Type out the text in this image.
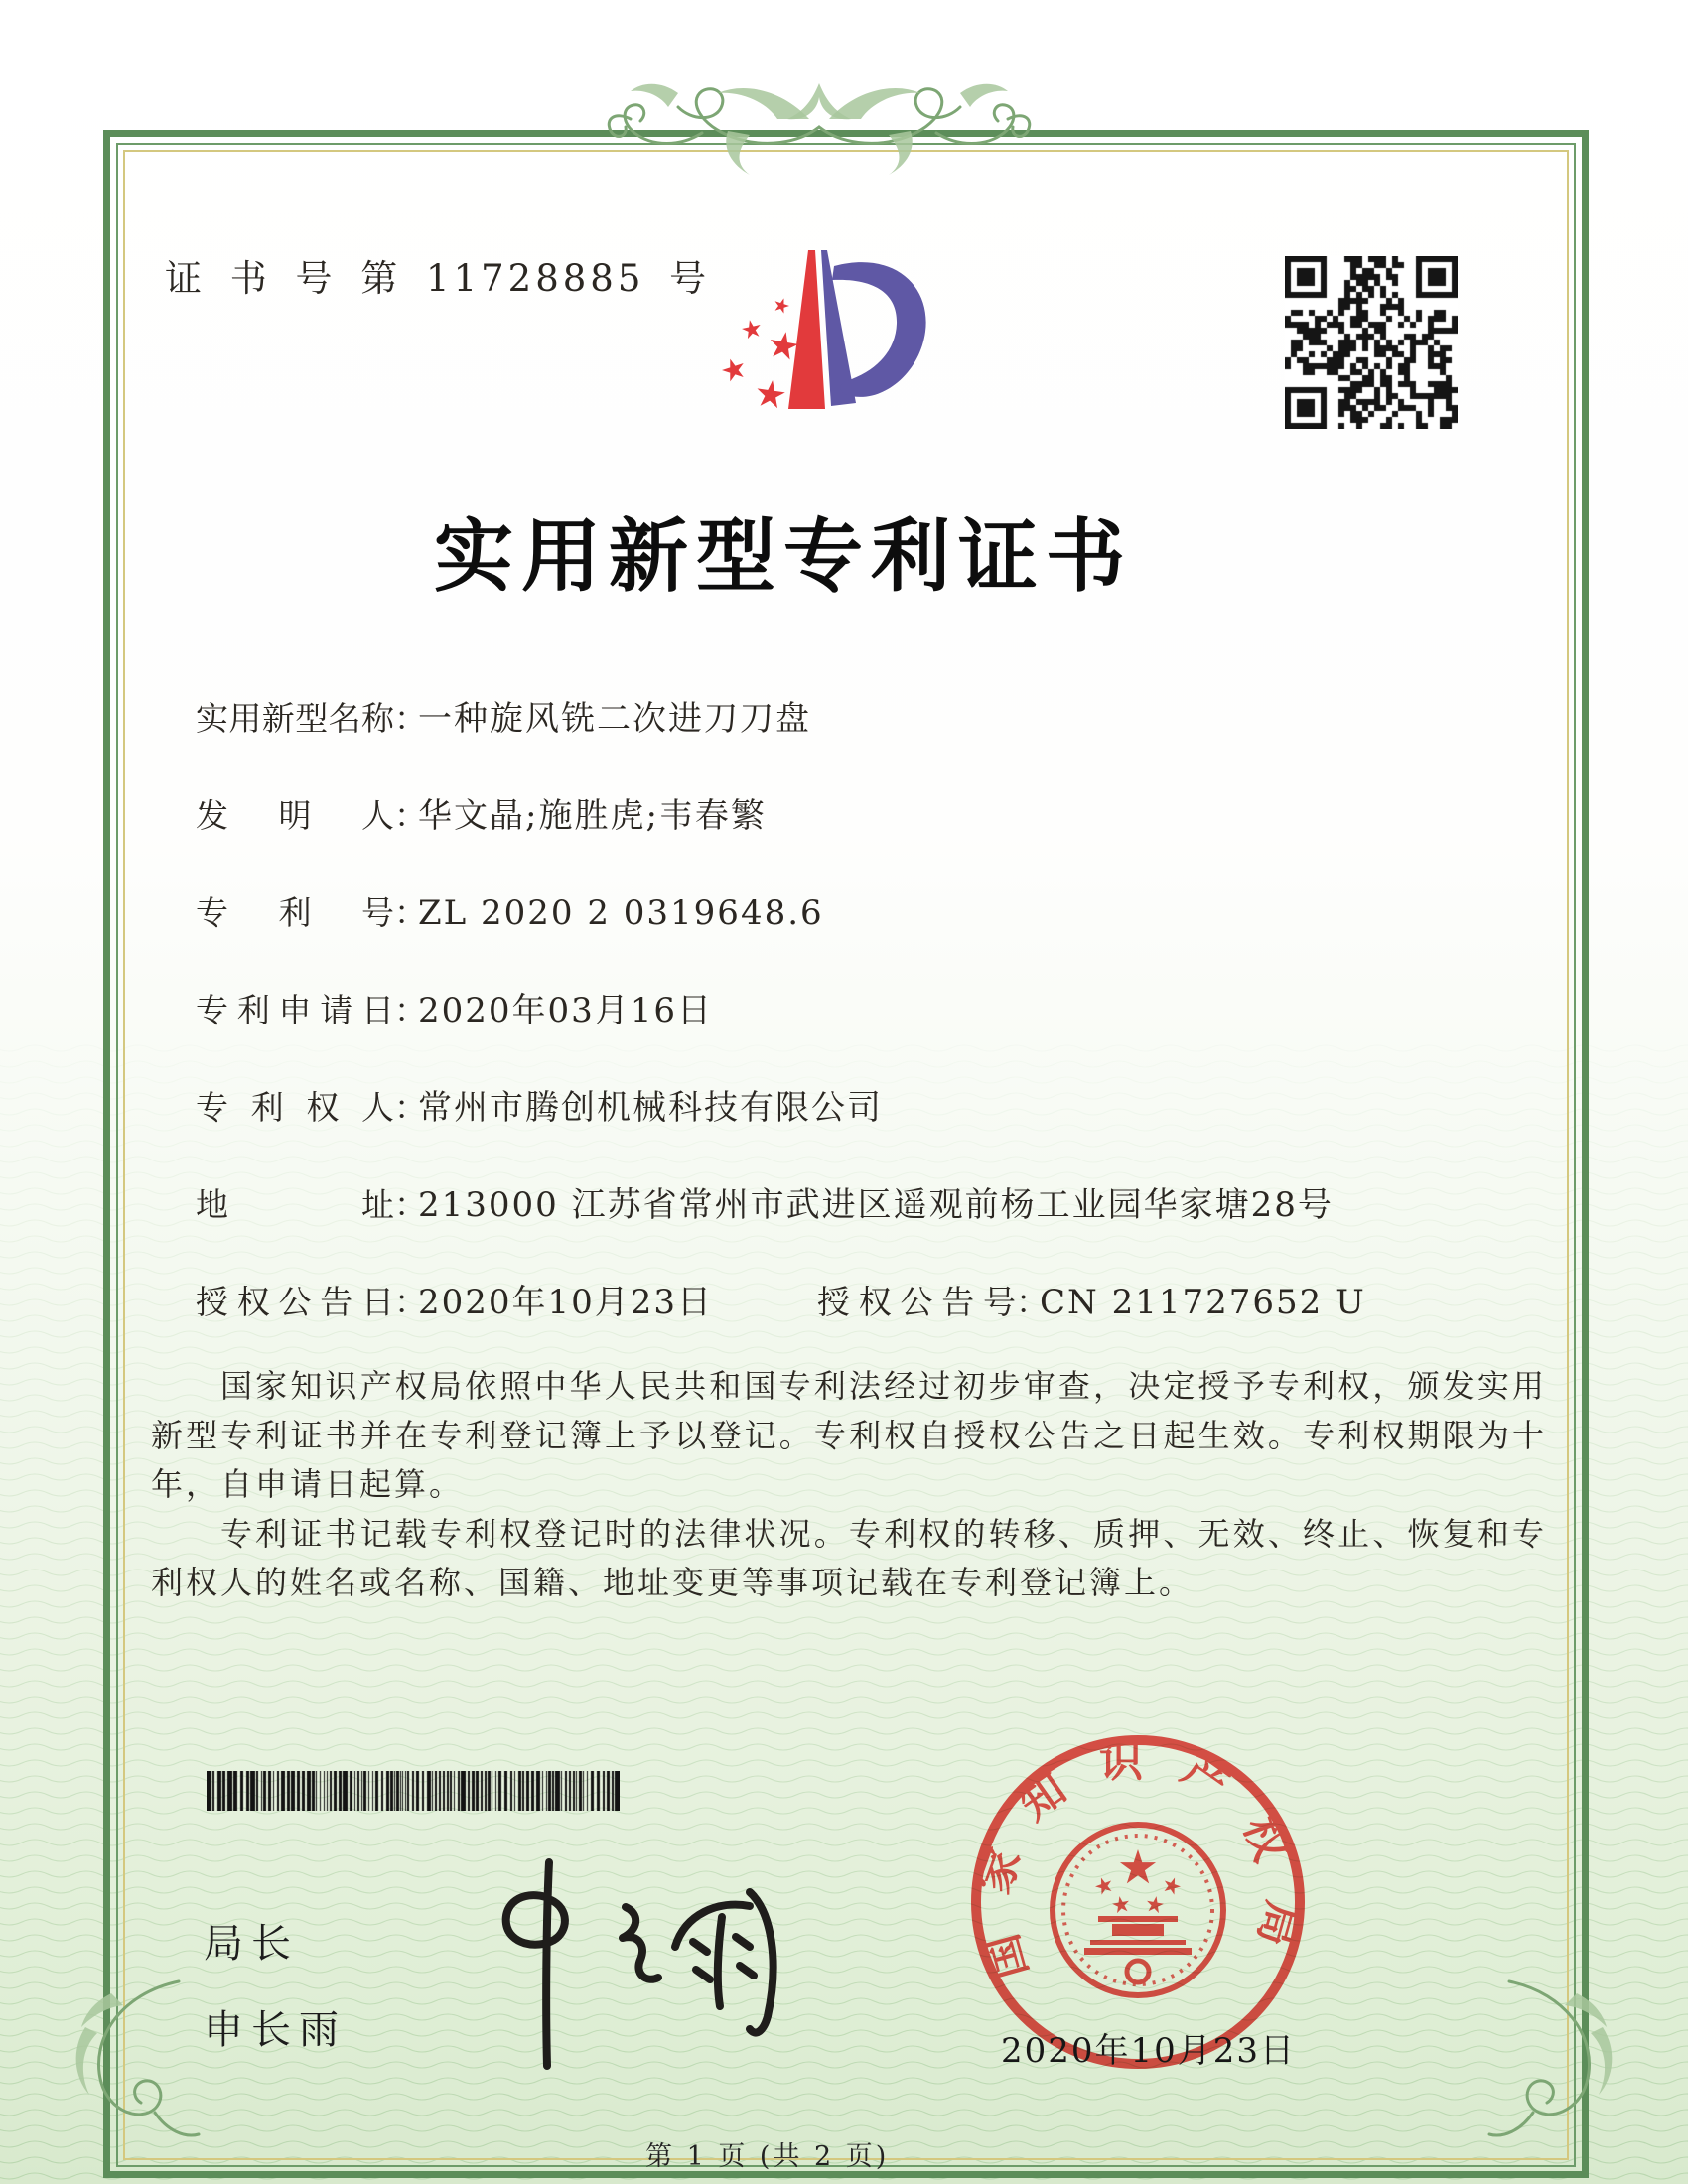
证 书 号 第 11728885 号
实用新型专利证书
实用新型名称：一种旋风铣二次进刀刀盘
发明人：华文晶;施胜虎;韦春繁
专利号：ZL 2020 2 0319648.6
专利申请日：2020年03月16日
专利权人：常州市腾创机械科技有限公司
地址：213000 江苏省常州市武进区遥观前杨工业园华家塘28号
授权公告日：2020年10月23日	授权公告号：CN 211727652 U

国家知识产权局依照中华人民共和国专利法经过初步审查，决定授予专利权，颁发实用新型专利证书并在专利登记簿上予以登记。专利权自授权公告之日起生效。专利权期限为十年，自申请日起算。

专利证书记载专利权登记时的法律状况。专利权的转移、质押、无效、终止、恢复和专利权人的姓名或名称、国籍、地址变更等事项记载在专利登记簿上。

局长
申长雨
国家知识产权局
2020年10月23日
第 1 页 (共 2 页)
